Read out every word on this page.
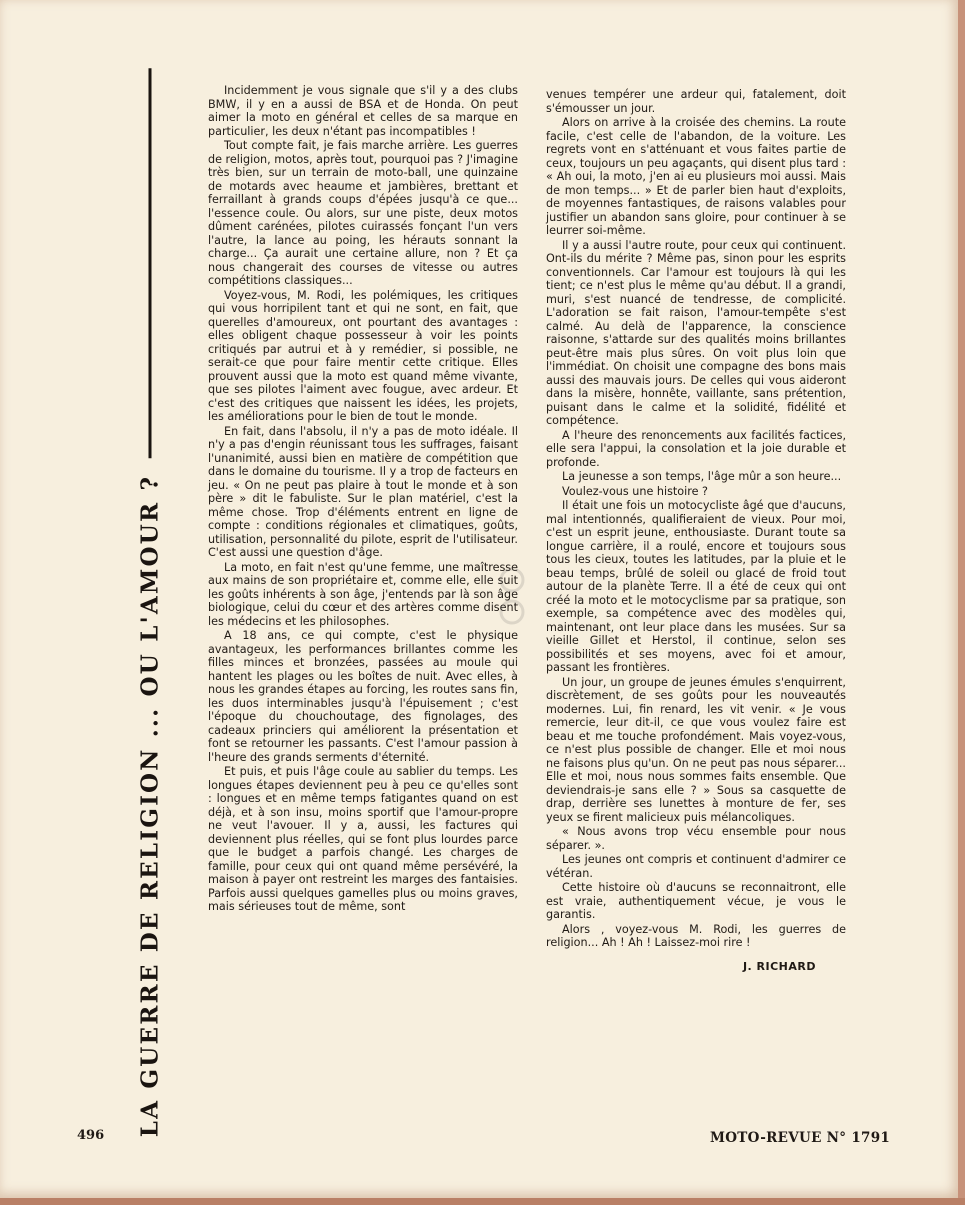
LA GUERRE DE RELIGION ... OU L'AMOUR ?

Incidemment je vous signale que s'il y a des clubs BMW, il y en a aussi de BSA et de Honda. On peut aimer la moto en général et celles de sa marque en particulier, les deux n'étant pas incompatibles !

Tout compte fait, je fais marche arrière. Les guerres de religion, motos, après tout, pourquoi pas ? J'imagine très bien, sur un terrain de moto-ball, une quinzaine de motards avec heaume et jambières, brettant et ferraillant à grands coups d'épées jusqu'à ce que... l'essence coule. Ou alors, sur une piste, deux motos dûment carénées, pilotes cuirassés fonçant l'un vers l'autre, la lance au poing, les hérauts sonnant la charge... Ça aurait une certaine allure, non ? Et ça nous changerait des courses de vitesse ou autres compétitions classiques...

Voyez-vous, M. Rodi, les polémiques, les critiques qui vous horripilent tant et qui ne sont, en fait, que querelles d'amoureux, ont pourtant des avantages : elles obligent chaque possesseur à voir les points critiqués par autrui et à y remédier, si possible, ne serait-ce que pour faire mentir cette critique. Elles prouvent aussi que la moto est quand même vivante, que ses pilotes l'aiment avec fougue, avec ardeur. Et c'est des critiques que naissent les idées, les projets, les améliorations pour le bien de tout le monde.

En fait, dans l'absolu, il n'y a pas de moto idéale. Il n'y a pas d'engin réunissant tous les suffrages, faisant l'unanimité, aussi bien en matière de compétition que dans le domaine du tourisme. Il y a trop de facteurs en jeu. « On ne peut pas plaire à tout le monde et à son père » dit le fabuliste. Sur le plan matériel, c'est la même chose. Trop d'éléments entrent en ligne de compte : conditions régionales et climatiques, goûts, utilisation, personnalité du pilote, esprit de l'utilisateur. C'est aussi une question d'âge.

La moto, en fait n'est qu'une femme, une maîtresse aux mains de son propriétaire et, comme elle, elle suit les goûts inhérents à son âge, j'entends par là son âge biologique, celui du cœur et des artères comme disent les médecins et les philosophes.

A 18 ans, ce qui compte, c'est le physique avantageux, les performances brillantes comme les filles minces et bronzées, passées au moule qui hantent les plages ou les boîtes de nuit. Avec elles, à nous les grandes étapes au forcing, les routes sans fin, les duos interminables jusqu'à l'épuisement ; c'est l'époque du chouchoutage, des fignolages, des cadeaux princiers qui améliorent la présentation et font se retourner les passants. C'est l'amour passion à l'heure des grands serments d'éternité.

Et puis, et puis l'âge coule au sablier du temps. Les longues étapes deviennent peu à peu ce qu'elles sont : longues et en même temps fatigantes quand on est déjà, et à son insu, moins sportif que l'amour-propre ne veut l'avouer. Il y a, aussi, les factures qui deviennent plus réelles, qui se font plus lourdes parce que le budget a parfois changé. Les charges de famille, pour ceux qui ont quand même persévéré, la maison à payer ont restreint les marges des fantaisies. Parfois aussi quelques gamelles plus ou moins graves, mais sérieuses tout de même, sont

venues tempérer une ardeur qui, fatalement, doit s'émousser un jour.

Alors on arrive à la croisée des chemins. La route facile, c'est celle de l'abandon, de la voiture. Les regrets vont en s'atténuant et vous faites partie de ceux, toujours un peu agaçants, qui disent plus tard : « Ah oui, la moto, j'en ai eu plusieurs moi aussi. Mais de mon temps... » Et de parler bien haut d'exploits, de moyennes fantastiques, de raisons valables pour justifier un abandon sans gloire, pour continuer à se leurrer soi-même.

Il y a aussi l'autre route, pour ceux qui continuent. Ont-ils du mérite ? Même pas, sinon pour les esprits conventionnels. Car l'amour est toujours là qui les tient; ce n'est plus le même qu'au début. Il a grandi, muri, s'est nuancé de tendresse, de complicité. L'adoration se fait raison, l'amour-tempête s'est calmé. Au delà de l'apparence, la conscience raisonne, s'attarde sur des qualités moins brillantes peut-être mais plus sûres. On voit plus loin que l'immédiat. On choisit une compagne des bons mais aussi des mauvais jours. De celles qui vous aideront dans la misère, honnête, vaillante, sans prétention, puisant dans le calme et la solidité, fidélité et compétence.

A l'heure des renoncements aux facilités factices, elle sera l'appui, la consolation et la joie durable et profonde.

La jeunesse a son temps, l'âge mûr a son heure...

Voulez-vous une histoire ?

Il était une fois un motocycliste âgé que d'aucuns, mal intentionnés, qualifieraient de vieux. Pour moi, c'est un esprit jeune, enthousiaste. Durant toute sa longue carrière, il a roulé, encore et toujours sous tous les cieux, toutes les latitudes, par la pluie et le beau temps, brûlé de soleil ou glacé de froid tout autour de la planète Terre. Il a été de ceux qui ont créé la moto et le motocyclisme par sa pratique, son exemple, sa compétence avec des modèles qui, maintenant, ont leur place dans les musées. Sur sa vieille Gillet et Herstol, il continue, selon ses possibilités et ses moyens, avec foi et amour, passant les frontières.

Un jour, un groupe de jeunes émules s'enquirrent, discrètement, de ses goûts pour les nouveautés modernes. Lui, fin renard, les vit venir. « Je vous remercie, leur dit-il, ce que vous voulez faire est beau et me touche profondément. Mais voyez-vous, ce n'est plus possible de changer. Elle et moi nous ne faisons plus qu'un. On ne peut pas nous séparer... Elle et moi, nous nous sommes faits ensemble. Que deviendrais-je sans elle ? » Sous sa casquette de drap, derrière ses lunettes à monture de fer, ses yeux se firent malicieux puis mélancoliques.

« Nous avons trop vécu ensemble pour nous séparer. ».

Les jeunes ont compris et continuent d'admirer ce vétéran.

Cette histoire où d'aucuns se reconnaitront, elle est vraie, authentiquement vécue, je vous le garantis.

Alors , voyez-vous M. Rodi, les guerres de religion... Ah ! Ah ! Laissez-moi rire !

J. RICHARD
496	MOTO-REVUE N° 1791
